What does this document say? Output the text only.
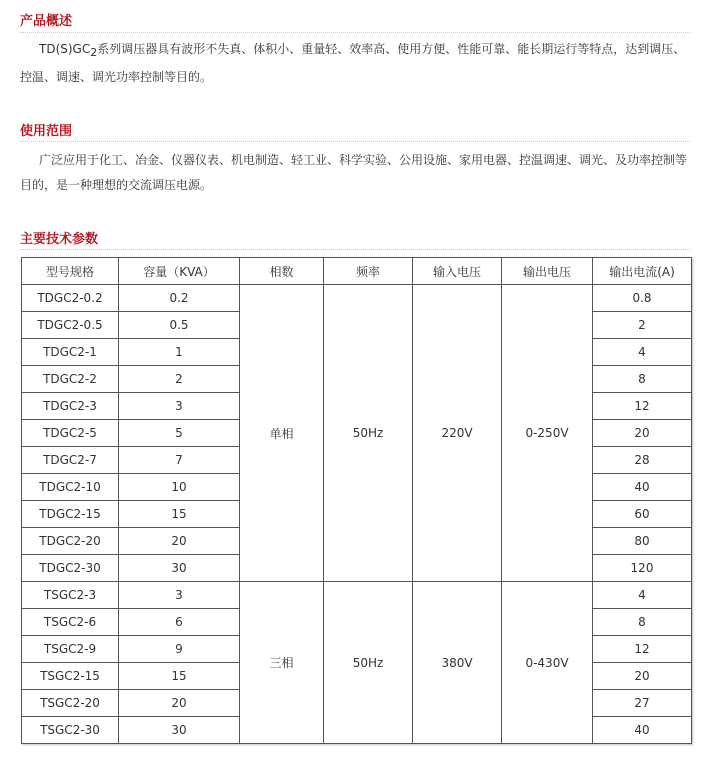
产品概述

$TD(S)GC_2$系列调压器具有波形不失真、体积小、重量轻、效率高、使用方便、性能可靠、能长期运行等特点，达到调压、控温、调速、调光功率控制等目的。

使用范围

广泛应用于化工、冶金、仪器仪表、机电制造、轻工业、科学实验、公用设施、家用电器、控温调速、调光、及功率控制等目的，是一种理想的交流调压电源。

主要技术参数
型号规格	容量（KVA）	相数	频率	输入电压	输出电压	输出电流(A)
TDGC2-0.2	0.2	单相	50Hz	220V	0-250V	0.8
TDGC2-0.5	0.5					2
TDGC2-1	1					4
TDGC2-2	2					8
TDGC2-3	3					12
TDGC2-5	5					20
TDGC2-7	7					28
TDGC2-10	10					40
TDGC2-15	15					60
TDGC2-20	20					80
TDGC2-30	30					120
TSGC2-3	3	三相	50Hz	380V	0-430V	4
TSGC2-6	6					8
TSGC2-9	9					12
TSGC2-15	15					20
TSGC2-20	20					27
TSGC2-30	30					40
